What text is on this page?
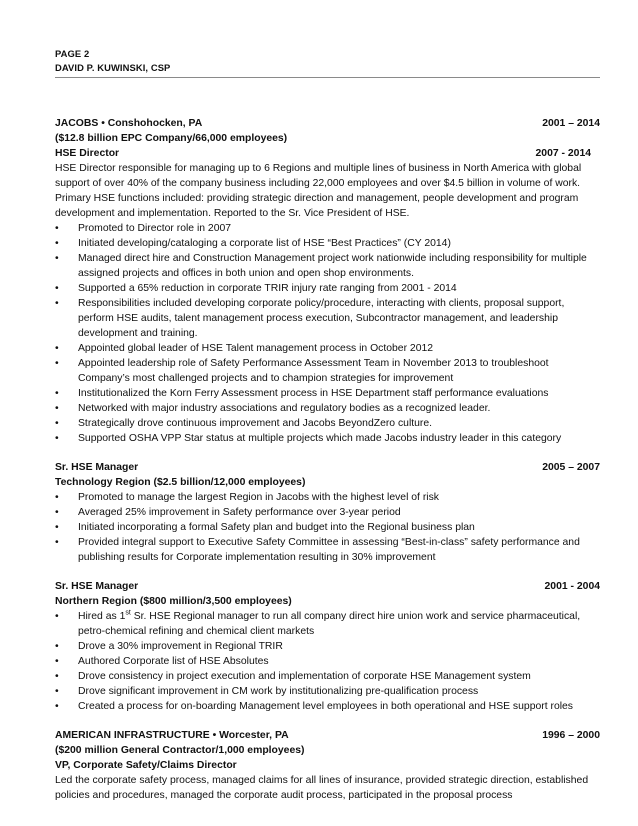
PAGE 2
DAVID P. KUWINSKI, CSP
JACOBS • Conshohocken, PA	2001 – 2014
($12.8 billion EPC Company/66,000 employees)
HSE Director	2007 - 2014

HSE Director responsible for managing up to 6 Regions and multiple lines of business in North America with global support of over 40% of the company business including 22,000 employees and over $4.5 billion in volume of work. Primary HSE functions included: providing strategic direction and management, people development and program development and implementation. Reported to the Sr. Vice President of HSE.

•	Promoted to Director role in 2007
•	Initiated developing/cataloging a corporate list of HSE “Best Practices” (CY 2014)
•	Managed direct hire and Construction Management project work nationwide including responsibility for multiple assigned projects and offices in both union and open shop environments.
•	Supported a 65% reduction in corporate TRIR injury rate ranging from 2001 - 2014
•	Responsibilities included developing corporate policy/procedure, interacting with clients, proposal support, perform HSE audits, talent management process execution, Subcontractor management, and leadership development and training.
•	Appointed global leader of HSE Talent management process in October 2012
•	Appointed leadership role of Safety Performance Assessment Team in November 2013 to troubleshoot Company’s most challenged projects and to champion strategies for improvement
•	Institutionalized the Korn Ferry Assessment process in HSE Department staff performance evaluations
•	Networked with major industry associations and regulatory bodies as a recognized leader.
•	Strategically drove continuous improvement and Jacobs BeyondZero culture.
•	Supported OSHA VPP Star status at multiple projects which made Jacobs industry leader in this category
Sr. HSE Manager	2005 – 2007
Technology Region ($2.5 billion/12,000 employees)
•	Promoted to manage the largest Region in Jacobs with the highest level of risk
•	Averaged 25% improvement in Safety performance over 3-year period
•	Initiated incorporating a formal Safety plan and budget into the Regional business plan
•	Provided integral support to Executive Safety Committee in assessing “Best-in-class” safety performance and publishing results for Corporate implementation resulting in 30% improvement
Sr. HSE Manager	2001 - 2004
Northern Region ($800 million/3,500 employees)
•	Hired as 1st Sr. HSE Regional manager to run all company direct hire union work and service pharmaceutical, petro-chemical refining and chemical client markets
•	Drove a 30% improvement in Regional TRIR
•	Authored Corporate list of HSE Absolutes
•	Drove consistency in project execution and implementation of corporate HSE Management system
•	Drove significant improvement in CM work by institutionalizing pre-qualification process
•	Created a process for on-boarding Management level employees in both operational and HSE support roles
AMERICAN INFRASTRUCTURE • Worcester, PA	1996 – 2000
($200 million General Contractor/1,000 employees)
VP, Corporate Safety/Claims Director

Led the corporate safety process, managed claims for all lines of insurance, provided strategic direction, established policies and procedures, managed the corporate audit process, participated in the proposal process
